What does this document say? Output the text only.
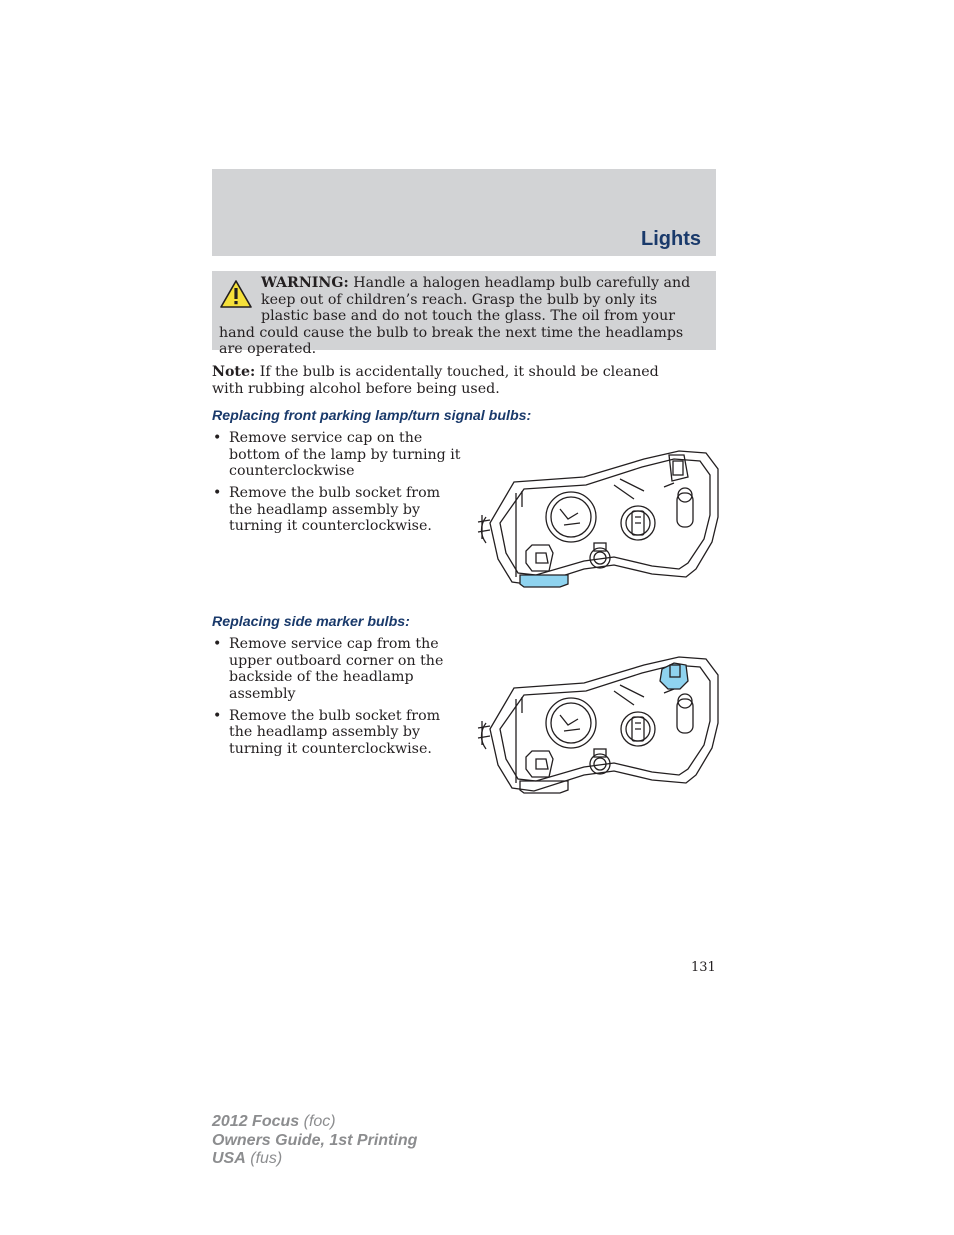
Lights
WARNING: Handle a halogen headlamp bulb carefully and keep out of children’s reach. Grasp the bulb by only its plastic base and do not touch the glass. The oil from your hand could cause the bulb to break the next time the headlamps are operated.
Note: If the bulb is accidentally touched, it should be cleaned with rubbing alcohol before being used.
Replacing front parking lamp/turn signal bulbs:
• Remove service cap on the bottom of the lamp by turning it counterclockwise
• Remove the bulb socket from the headlamp assembly by turning it counterclockwise.
Replacing side marker bulbs:
• Remove service cap from the upper outboard corner on the backside of the headlamp assembly
• Remove the bulb socket from the headlamp assembly by turning it counterclockwise.
131
2012 Focus (foc)
Owners Guide, 1st Printing
USA (fus)
